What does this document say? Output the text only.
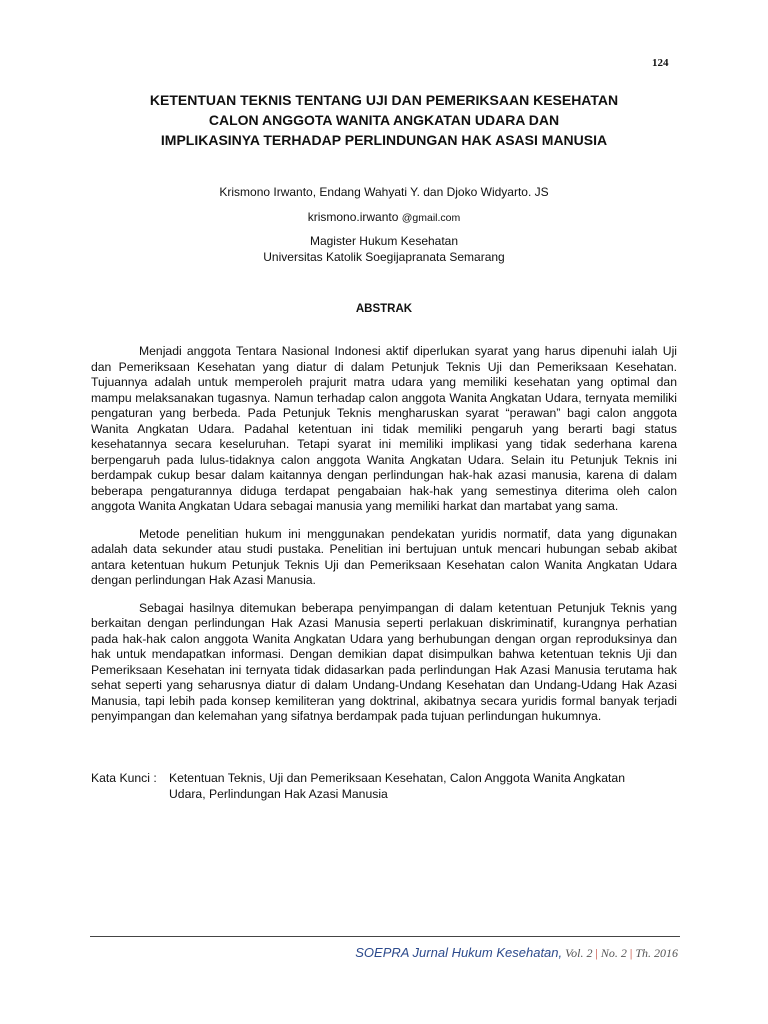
124
KETENTUAN TEKNIS TENTANG UJI DAN PEMERIKSAAN KESEHATAN
CALON ANGGOTA WANITA ANGKATAN UDARA DAN
IMPLIKASINYA TERHADAP PERLINDUNGAN HAK ASASI MANUSIA
Krismono Irwanto, Endang Wahyati Y. dan Djoko Widyarto. JS
krismono.irwanto @gmail.com
Magister Hukum Kesehatan
Universitas Katolik Soegijapranata Semarang
ABSTRAK

Menjadi anggota Tentara Nasional Indonesi aktif diperlukan syarat yang harus dipenuhi ialah Uji dan Pemeriksaan Kesehatan yang diatur di dalam Petunjuk Teknis Uji dan Pemeriksaan Kesehatan. Tujuannya adalah untuk memperoleh prajurit matra udara yang memiliki kesehatan yang optimal dan mampu melaksanakan tugasnya. Namun terhadap calon anggota Wanita Angkatan Udara, ternyata memiliki pengaturan yang berbeda. Pada Petunjuk Teknis mengharuskan syarat “perawan” bagi calon anggota Wanita Angkatan Udara. Padahal ketentuan ini tidak memiliki pengaruh yang berarti bagi status kesehatannya secara keseluruhan. Tetapi syarat ini memiliki implikasi yang tidak sederhana karena berpengaruh pada lulus-tidaknya calon anggota Wanita Angkatan Udara. Selain itu Petunjuk Teknis ini berdampak cukup besar dalam kaitannya dengan perlindungan hak-hak azasi manusia, karena di dalam beberapa pengaturannya diduga terdapat pengabaian hak-hak yang semestinya diterima oleh calon anggota Wanita Angkatan Udara sebagai manusia yang memiliki harkat dan martabat yang sama.

Metode penelitian hukum ini menggunakan pendekatan yuridis normatif, data yang digunakan adalah data sekunder atau studi pustaka. Penelitian ini bertujuan untuk mencari hubungan sebab akibat antara ketentuan hukum Petunjuk Teknis Uji dan Pemeriksaan Kesehatan calon Wanita Angkatan Udara dengan perlindungan Hak Azasi Manusia.

Sebagai hasilnya ditemukan beberapa penyimpangan di dalam ketentuan Petunjuk Teknis yang berkaitan dengan perlindungan Hak Azasi Manusia seperti perlakuan diskriminatif, kurangnya perhatian pada hak-hak calon anggota Wanita Angkatan Udara yang berhubungan dengan organ reproduksinya dan hak untuk mendapatkan informasi. Dengan demikian dapat disimpulkan bahwa ketentuan teknis Uji dan Pemeriksaan Kesehatan ini ternyata tidak didasarkan pada perlindungan Hak Azasi Manusia terutama hak sehat seperti yang seharusnya diatur di dalam Undang-Undang Kesehatan dan Undang-Udang Hak Azasi Manusia, tapi lebih pada konsep kemiliteran yang doktrinal, akibatnya secara yuridis formal banyak terjadi penyimpangan dan kelemahan yang sifatnya berdampak pada tujuan perlindungan hukumnya.

Kata Kunci : Ketentuan Teknis, Uji dan Pemeriksaan Kesehatan, Calon Anggota Wanita Angkatan
Udara, Perlindungan Hak Azasi Manusia
SOEPRA Jurnal Hukum Kesehatan, Vol. 2 | No. 2 | Th. 2016
